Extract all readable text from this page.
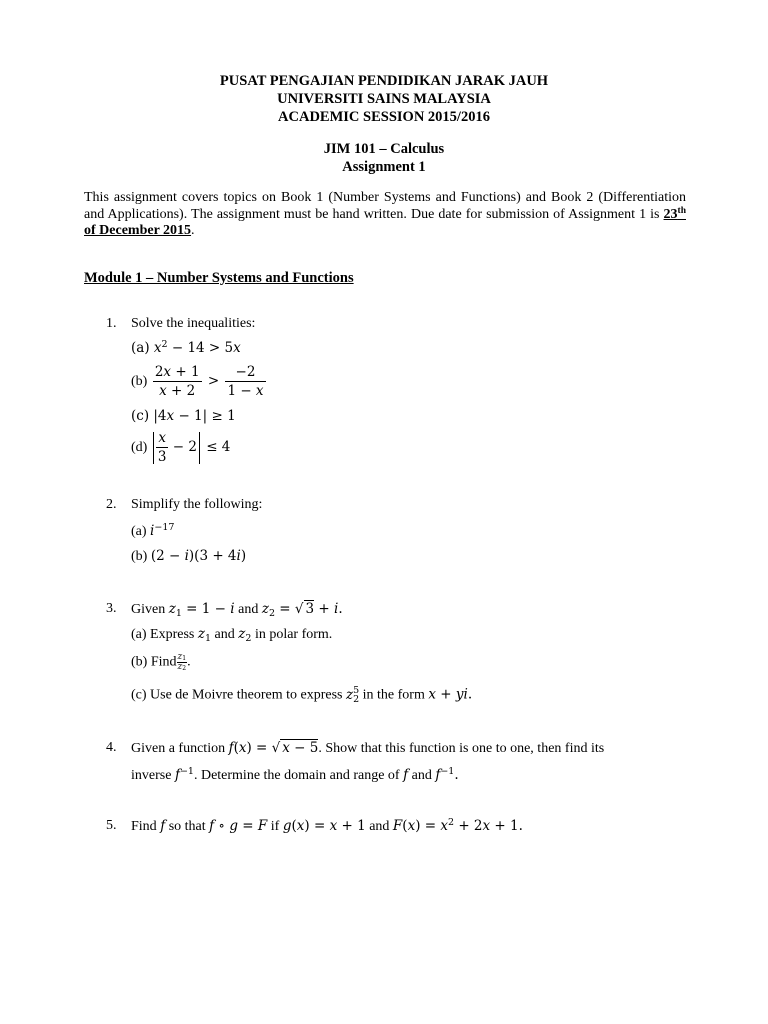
PUSAT PENGAJIAN PENDIDIKAN JARAK JAUH
UNIVERSITI SAINS MALAYSIA
ACADEMIC SESSION 2015/2016
JIM 101 – Calculus
Assignment 1
This assignment covers topics on Book 1 (Number Systems and Functions) and Book 2 (Differentiation and Applications). The assignment must be hand written. Due date for submission of Assignment 1 is 23th of December 2015.
Module 1 – Number Systems and Functions
1. Solve the inequalities:
(a) $x^2 - 14 > 5x$
$(b) \frac{2x + 1}{x + 2} > \frac{-2}{1 - x}$
(c) |4x − 1| ≥ 1
$(d) \frac{x}{3} - 2 \le 4$
2. Simplify the following:
(a) $i^{-17}$
(b) (2 − i)(3 + 4i)
3. Given $z_1 = 1 - i$ and $z_2$ = √ 3 + i.
(a) Express $z_1$ and $z_2$ in polar form.
(b) Find $\frac{z_1}{z_2}$ .
(c) Use de Moivre theorem to express z 5
2 in the form x + yi.
4. Given a function f(x) = √ x − 5. Show that this function is one to one, then find its
inverse $f^{-1}$. Determine the domain and range of f and $f^{-1}$.
5. Find f so that f ∘ g = F if g(x) = x + 1 and $F(x) = x^2 + 2x + 1$.
